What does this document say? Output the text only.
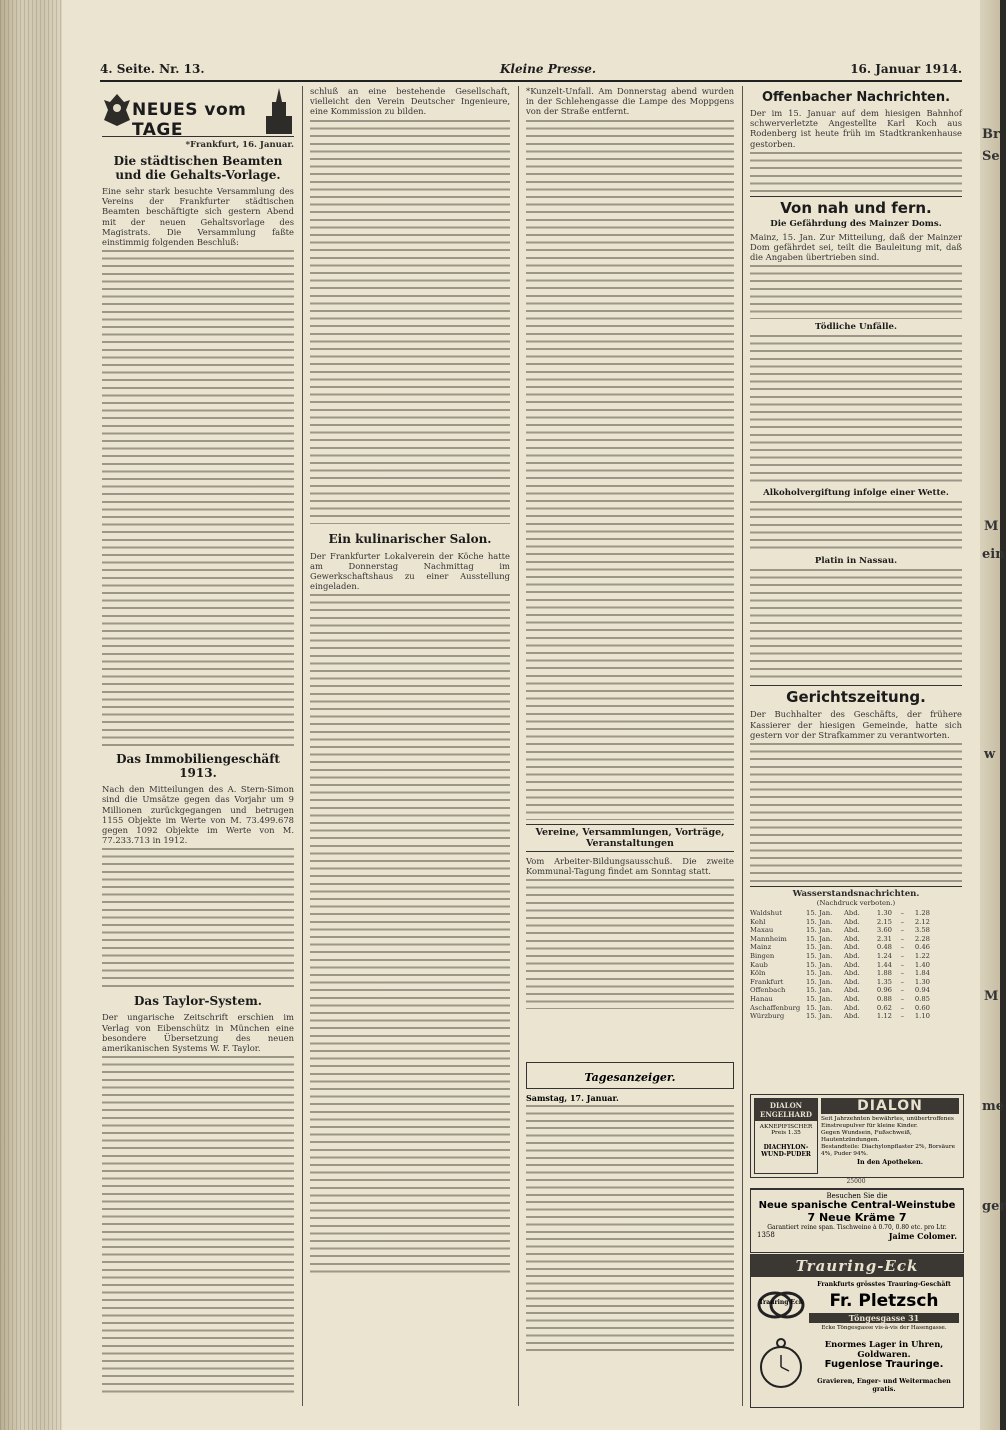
Br
Se
M
ein
w
M
me
ger
4. Seite. Nr. 13.	Kleine Presse.	16. Januar 1914.
NEUES vom TAGE
*Frankfurt, 16. Januar.
Die städtischen Beamten und die Gehalts-Vorlage.

Eine sehr stark besuchte Versammlung des Vereins der Frankfurter städtischen Beamten beschäftigte sich gestern Abend mit der neuen Gehaltsvorlage des Magistrats. Die Versammlung faßte einstimmig folgenden Beschluß:

Das Immobiliengeschäft 1913.

Nach den Mitteilungen des A. Stern-Simon sind die Umsätze gegen das Vorjahr um 9 Millionen zurückgegangen und betrugen 1155 Objekte im Werte von M. 73.499.678 gegen 1092 Objekte im Werte von M. 77.233.713 in 1912.

Das Taylor-System.

Der ungarische Zeitschrift erschien im Verlag von Eibenschütz in München eine besondere Übersetzung des neuen amerikanischen Systems W. F. Taylor.

schluß an eine bestehende Gesellschaft, vielleicht den Verein Deutscher Ingenieure, eine Kommission zu bilden.

Ein kulinarischer Salon.

Der Frankfurter Lokalverein der Köche hatte am Donnerstag Nachmittag im Gewerkschaftshaus zu einer Ausstellung eingeladen.

*Kunzelt-Unfall. Am Donnerstag abend wurden in der Schlehengasse die Lampe des Moppgens von der Straße entfernt.

Vereine, Versammlungen, Vorträge, Veranstaltungen

Vom Arbeiter-Bildungsausschuß. Die zweite Kommunal-Tagung findet am Sonntag statt.

Tagesanzeiger.
Samstag, 17. Januar.
Offenbacher Nachrichten.

Der im 15. Januar auf dem hiesigen Bahnhof schwerverletzte Angestellte Karl Koch aus Rodenberg ist heute früh im Stadtkrankenhause gestorben.

Von nah und fern.
Die Gefährdung des Mainzer Doms.

Mainz, 15. Jan. Zur Mitteilung, daß der Mainzer Dom gefährdet sei, teilt die Bauleitung mit, daß die Angaben übertrieben sind.

Tödliche Unfälle.
Alkoholvergiftung infolge einer Wette.
Platin in Nassau.
Gerichtszeitung.

Der Buchhalter des Geschäfts, der frühere Kassierer der hiesigen Gemeinde, hatte sich gestern vor der Strafkammer zu verantworten.

Wasserstandsnachrichten.
(Nachdruck verboten.)
Waldshut	15. Jan.	Abd.	1.30	–	1.28
Kehl	15. Jan.	Abd.	2.15	–	2.12
Maxau	15. Jan.	Abd.	3.60	–	3.58
Mannheim	15. Jan.	Abd.	2.31	–	2.28
Mainz	15. Jan.	Abd.	0.48	–	0.46
Bingen	15. Jan.	Abd.	1.24	–	1.22
Kaub	15. Jan.	Abd.	1.44	–	1.40
Köln	15. Jan.	Abd.	1.88	–	1.84
Frankfurt	15. Jan.	Abd.	1.35	–	1.30
Offenbach	15. Jan.	Abd.	0.96	–	0.94
Hanau	15. Jan.	Abd.	0.88	–	0.85
Aschaffenburg 15. Jan.	Abd.	0.62	–	0.60
Würzburg	15. Jan.	Abd.	1.12	–	1.10
DIALON ENGELHARD
AKNEPIFISCHER Preis 1.35
DIACHYLON-WUND-PUDER
DIALON
Seit Jahrzehnten bewährtes, unübertroffenes Einstreupulver für kleine Kinder.
Gegen Wundsein, Fußschweiß, Hautentzündungen.
Bestandteile: Diachylonpflaster 2%, Borsäure 4%, Puder 94%.
In den Apotheken.
25000
Besuchen Sie die
Neue spanische Central-Weinstube
7 Neue Kräme 7
Garantiert reine span. Tischweine à 0.70, 0.80 etc. pro Ltr.
1358	Jaime Colomer.
Trauring-Eck
Trauring Eck
Frankfurts grösstes Trauring-Geschäft
Fr. Pletzsch
Töngesgasse 31
Ecke Töngesgasse vis-à-vis der Hasengasse.
Enormes Lager in Uhren, Goldwaren.
Fugenlose Trauringe.
Gravieren, Enger- und Weitermachen gratis.
